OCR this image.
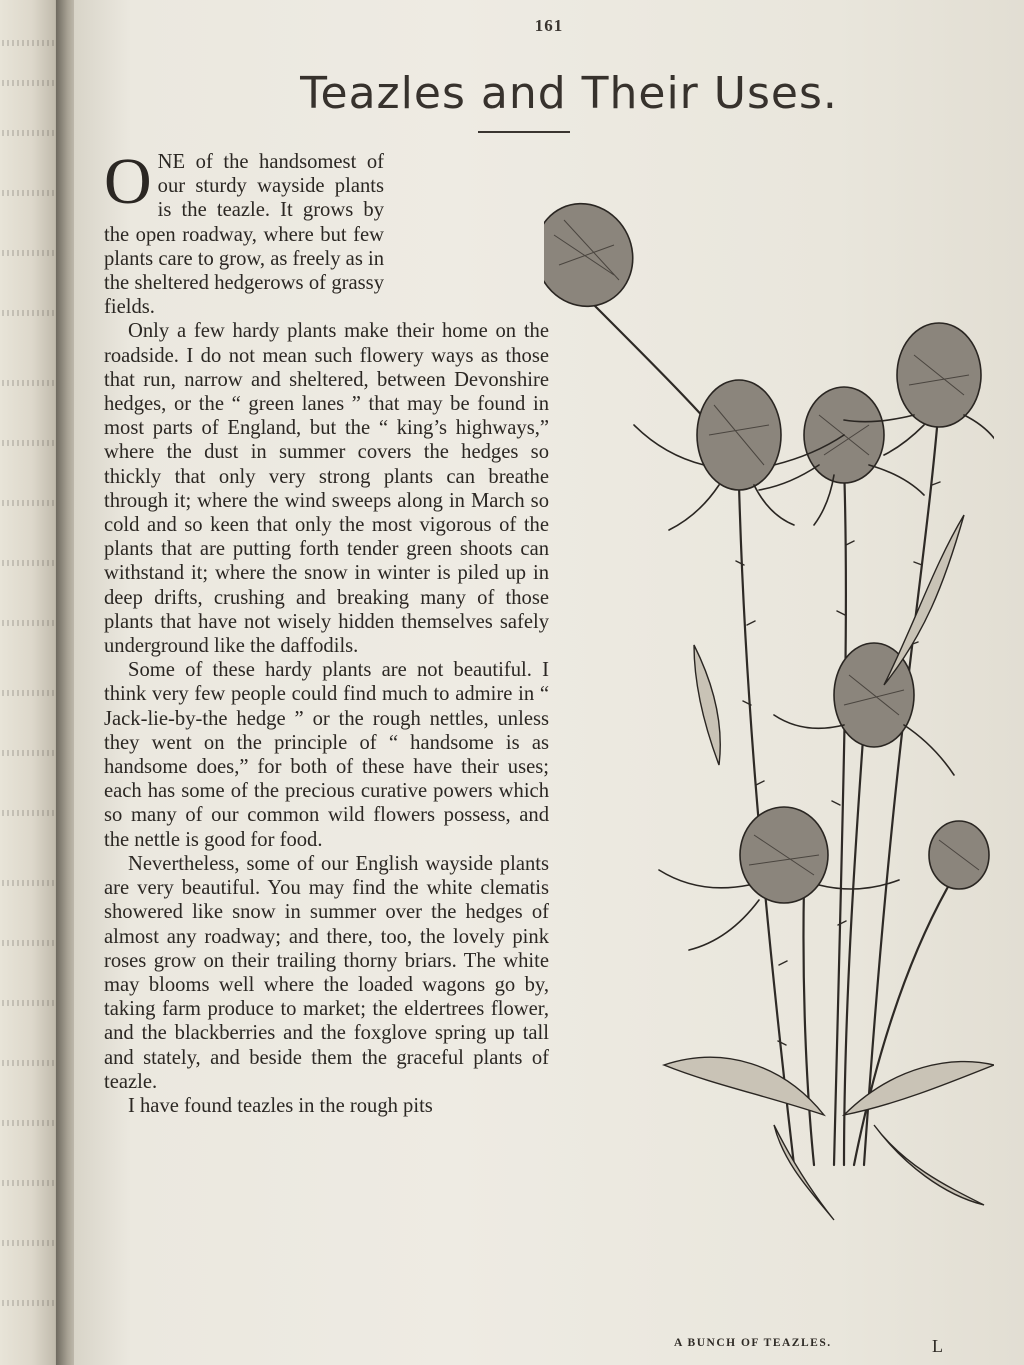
161
Teazles and Their Uses.

ONE of the handsomest of our sturdy wayside plants is the teazle. It grows by the open roadway, where but few plants care to grow, as freely as in the sheltered hedgerows of grassy fields.

Only a few hardy plants make their home on the roadside. I do not mean such flowery ways as those that run, narrow and sheltered, between Devonshire hedges, or the “ green lanes ” that may be found in most parts of England, but the “ king’s highways,” where the dust in summer covers the hedges so thickly that only very strong plants can breathe through it; where the wind sweeps along in March so cold and so keen that only the most vigorous of the plants that are putting forth tender green shoots can withstand it; where the snow in winter is piled up in deep drifts, crushing and breaking many of those plants that have not wisely hidden themselves safely underground like the daffodils.

Some of these hardy plants are not beautiful. I think very few people could find much to admire in “ Jack-lie-by-the hedge ” or the rough nettles, unless they went on the principle of “ handsome is as handsome does,” for both of these have their uses; each has some of the precious curative powers which so many of our common wild flowers possess, and the nettle is good for food.

Nevertheless, some of our English wayside plants are very beautiful. You may find the white clematis showered like snow in summer over the hedges of almost any roadway; and there, too, the lovely pink roses grow on their trailing thorny briars. The white may blooms well where the loaded wagons go by, taking farm produce to market; the eldertrees flower, and the blackberries and the foxglove spring up tall and stately, and beside them the graceful plants of teazle.

I have found teazles in the rough pits

A BUNCH OF TEAZLES.	L
